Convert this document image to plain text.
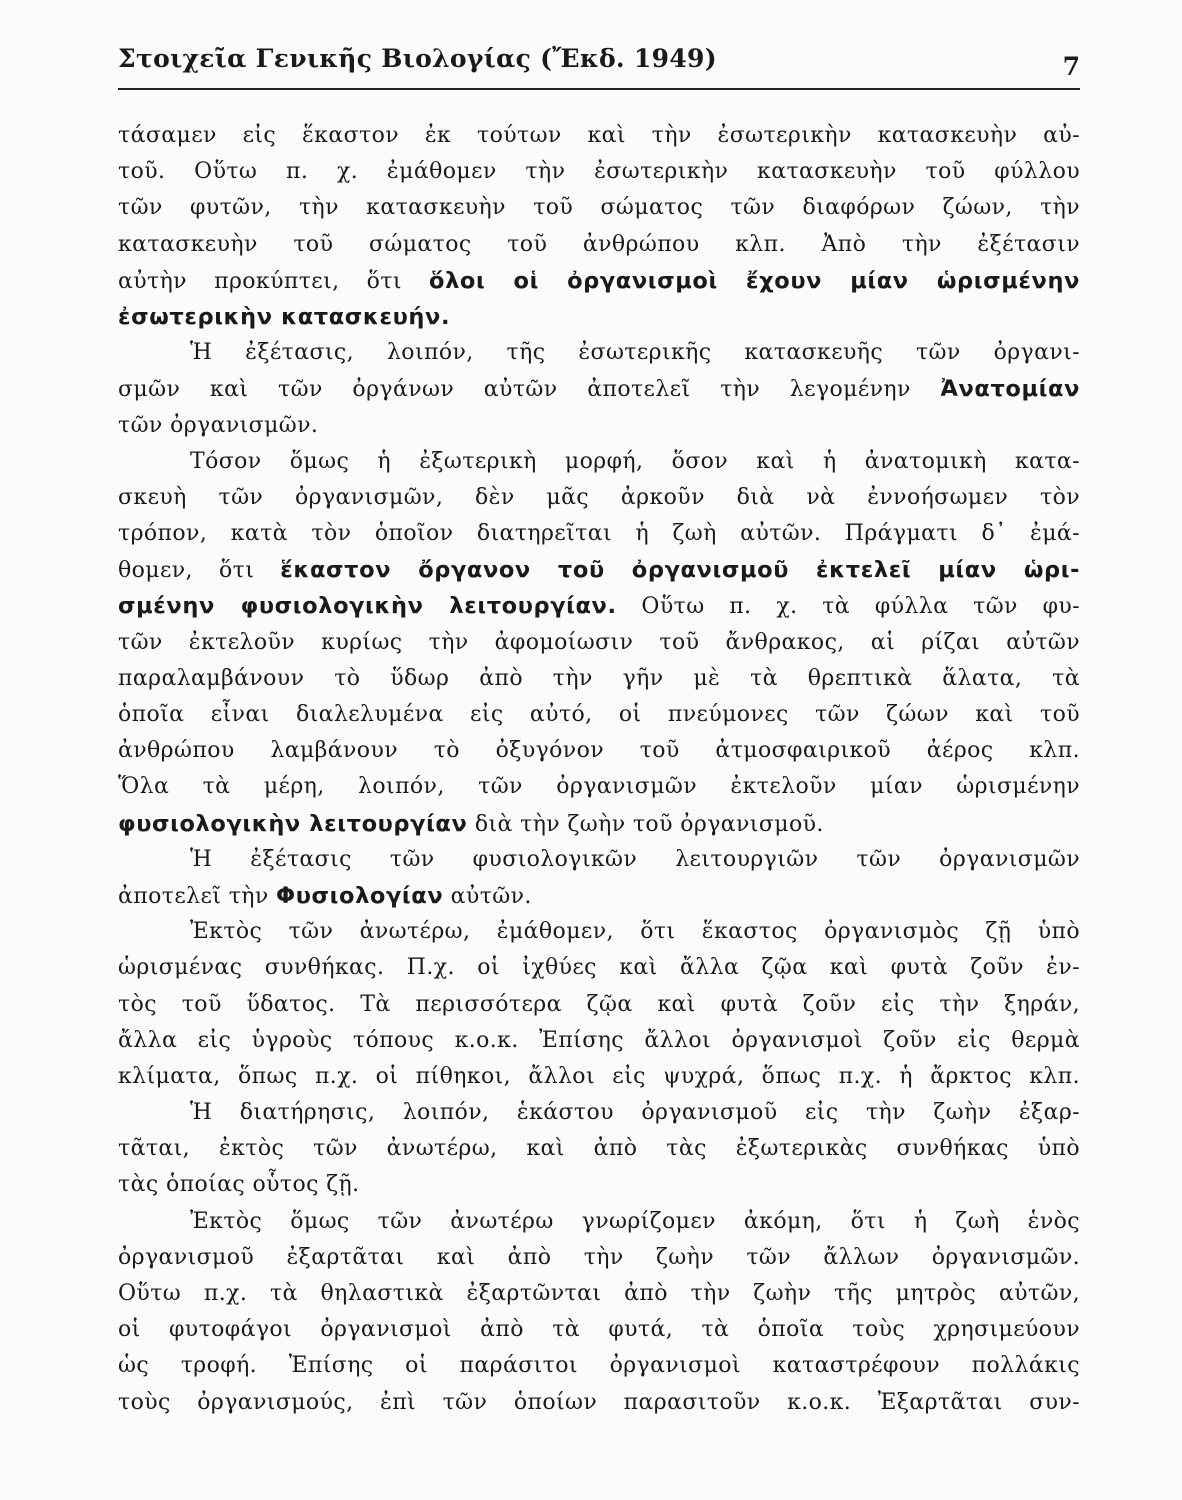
Στοιχεῖα Γενικῆς Βιολογίας (Ἔκδ. 1949)	7
τάσαμεν εἰς ἕκαστον ἐκ τούτων καὶ τὴν ἐσωτερικὴν κατασκευὴν αὐ-
τοῦ. Οὕτω π. χ. ἐμάθομεν τὴν ἐσωτερικὴν κατασκευὴν τοῦ φύλλου
τῶν φυτῶν, τὴν κατασκευὴν τοῦ σώματος τῶν διαφόρων ζώων, τὴν
κατασκευὴν τοῦ σώματος τοῦ ἀνθρώπου κλπ. Ἀπὸ τὴν ἐξέτασιν
αὐτὴν προκύπτει, ὅτι ὅλοι οἱ ὀργανισμοὶ ἔχουν μίαν ὡρισμένην
ἐσωτερικὴν κατασκευήν.
Ἡ ἐξέτασις, λοιπόν, τῆς ἐσωτερικῆς κατασκευῆς τῶν ὀργανι-
σμῶν καὶ τῶν ὀργάνων αὐτῶν ἀποτελεῖ τὴν λεγομένην Ἀνατομίαν
τῶν ὀργανισμῶν.
Τόσον ὅμως ἡ ἐξωτερικὴ μορφή, ὅσον καὶ ἡ ἀνατομικὴ κατα-
σκευὴ τῶν ὀργανισμῶν, δὲν μᾶς ἀρκοῦν διὰ νὰ ἐννοήσωμεν τὸν
τρόπον, κατὰ τὸν ὁποῖον διατηρεῖται ἡ ζωὴ αὐτῶν. Πράγματι δ᾽ ἐμά-
θομεν, ὅτι ἕκαστον ὄργανον τοῦ ὀργανισμοῦ ἐκτελεῖ μίαν ὡρι-
σμένην φυσιολογικὴν λειτουργίαν. Οὕτω π. χ. τὰ φύλλα τῶν φυ-
τῶν ἐκτελοῦν κυρίως τὴν ἀφομοίωσιν τοῦ ἄνθρακος, αἱ ρίζαι αὐτῶν
παραλαμβάνουν τὸ ὕδωρ ἀπὸ τὴν γῆν μὲ τὰ θρεπτικὰ ἅλατα, τὰ
ὁποῖα εἶναι διαλελυμένα εἰς αὐτό, οἱ πνεύμονες τῶν ζώων καὶ τοῦ
ἀνθρώπου λαμβάνουν τὸ ὀξυγόνον τοῦ ἀτμοσφαιρικοῦ ἀέρος κλπ.
Ὅλα τὰ μέρη, λοιπόν, τῶν ὀργανισμῶν ἐκτελοῦν μίαν ὡρισμένην
φυσιολογικὴν λειτουργίαν διὰ τὴν ζωὴν τοῦ ὀργανισμοῦ.
Ἡ ἐξέτασις τῶν φυσιολογικῶν λειτουργιῶν τῶν ὀργανισμῶν
ἀποτελεῖ τὴν Φυσιολογίαν αὐτῶν.
Ἐκτὸς τῶν ἀνωτέρω, ἐμάθομεν, ὅτι ἕκαστος ὀργανισμὸς ζῇ ὑπὸ
ὡρισμένας συνθήκας. Π.χ. οἱ ἰχθύες καὶ ἄλλα ζῷα καὶ φυτὰ ζοῦν ἐν-
τὸς τοῦ ὕδατος. Τὰ περισσότερα ζῷα καὶ φυτὰ ζοῦν εἰς τὴν ξηράν,
ἄλλα εἰς ὑγροὺς τόπους κ.ο.κ. Ἐπίσης ἄλλοι ὀργανισμοὶ ζοῦν εἰς θερμὰ
κλίματα, ὅπως π.χ. οἱ πίθηκοι, ἄλλοι εἰς ψυχρά, ὅπως π.χ. ἡ ἄρκτος κλπ.
Ἡ διατήρησις, λοιπόν, ἑκάστου ὀργανισμοῦ εἰς τὴν ζωὴν ἐξαρ-
τᾶται, ἐκτὸς τῶν ἀνωτέρω, καὶ ἀπὸ τὰς ἐξωτερικὰς συνθήκας ὑπὸ
τὰς ὁποίας οὗτος ζῇ.
Ἐκτὸς ὅμως τῶν ἀνωτέρω γνωρίζομεν ἀκόμη, ὅτι ἡ ζωὴ ἑνὸς
ὀργανισμοῦ ἐξαρτᾶται καὶ ἀπὸ τὴν ζωὴν τῶν ἄλλων ὀργανισμῶν.
Οὕτω π.χ. τὰ θηλαστικὰ ἐξαρτῶνται ἀπὸ τὴν ζωὴν τῆς μητρὸς αὐτῶν,
οἱ φυτοφάγοι ὀργανισμοὶ ἀπὸ τὰ φυτά, τὰ ὁποῖα τοὺς χρησιμεύουν
ὡς τροφή. Ἐπίσης οἱ παράσιτοι ὀργανισμοὶ καταστρέφουν πολλάκις
τοὺς ὀργανισμούς, ἐπὶ τῶν ὁποίων παρασιτοῦν κ.ο.κ. Ἐξαρτᾶται συν-
